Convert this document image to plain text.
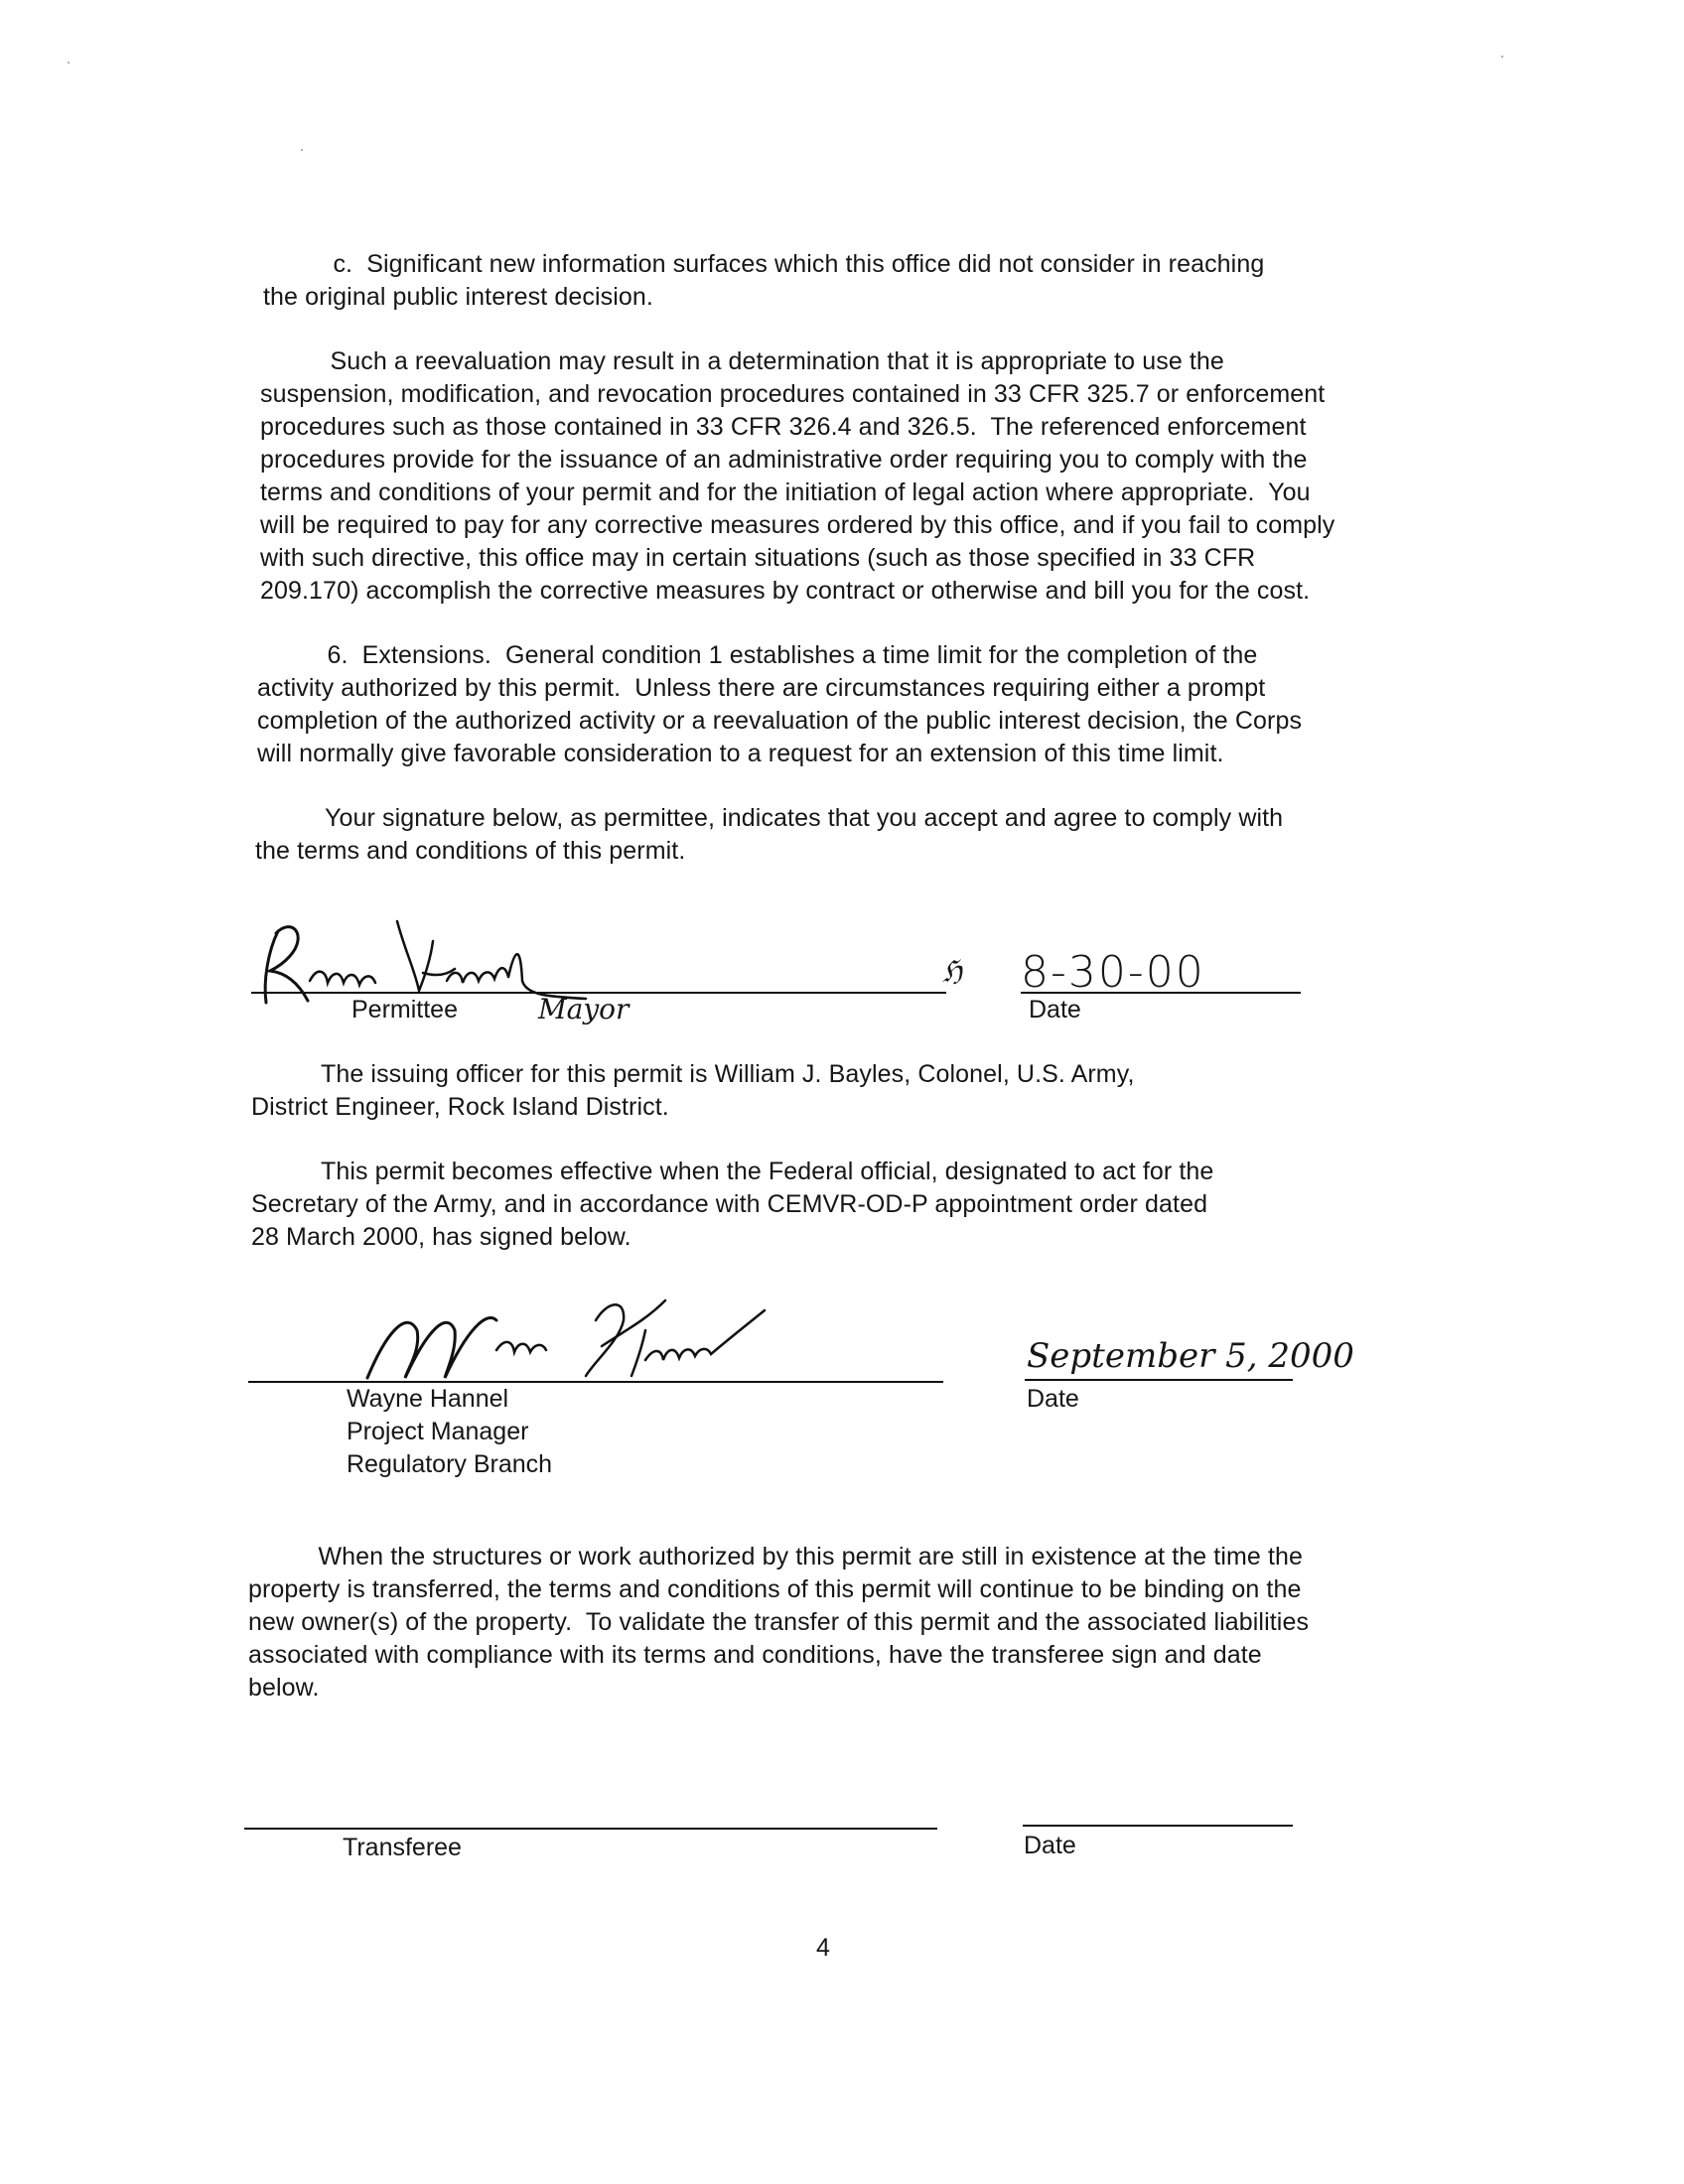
c.  Significant new information surfaces which this office did not consider in reaching
the original public interest decision.
Such a reevaluation may result in a determination that it is appropriate to use the
suspension, modification, and revocation procedures contained in 33 CFR 325.7 or enforcement
procedures such as those contained in 33 CFR 326.4 and 326.5.  The referenced enforcement
procedures provide for the issuance of an administrative order requiring you to comply with the
terms and conditions of your permit and for the initiation of legal action where appropriate.  You
will be required to pay for any corrective measures ordered by this office, and if you fail to comply
with such directive, this office may in certain situations (such as those specified in 33 CFR
209.170) accomplish the corrective measures by contract or otherwise and bill you for the cost.
6.  Extensions.  General condition 1 establishes a time limit for the completion of the
activity authorized by this permit.  Unless there are circumstances requiring either a prompt
completion of the authorized activity or a reevaluation of the public interest decision, the Corps
will normally give favorable consideration to a request for an extension of this time limit.
Your signature below, as permittee, indicates that you accept and agree to comply with
the terms and conditions of this permit.
ℌ 8-30-00
Permittee	Mayor	Date
The issuing officer for this permit is William J. Bayles, Colonel, U.S. Army,
District Engineer, Rock Island District.
This permit becomes effective when the Federal official, designated to act for the
Secretary of the Army, and in accordance with CEMVR-OD-P appointment order dated
28 March 2000, has signed below.
Wayne Hannel
Project Manager
Regulatory Branch
September 5, 2000
Date
When the structures or work authorized by this permit are still in existence at the time the
property is transferred, the terms and conditions of this permit will continue to be binding on the
new owner(s) of the property.  To validate the transfer of this permit and the associated liabilities
associated with compliance with its terms and conditions, have the transferee sign and date
below.
Transferee	Date
4
